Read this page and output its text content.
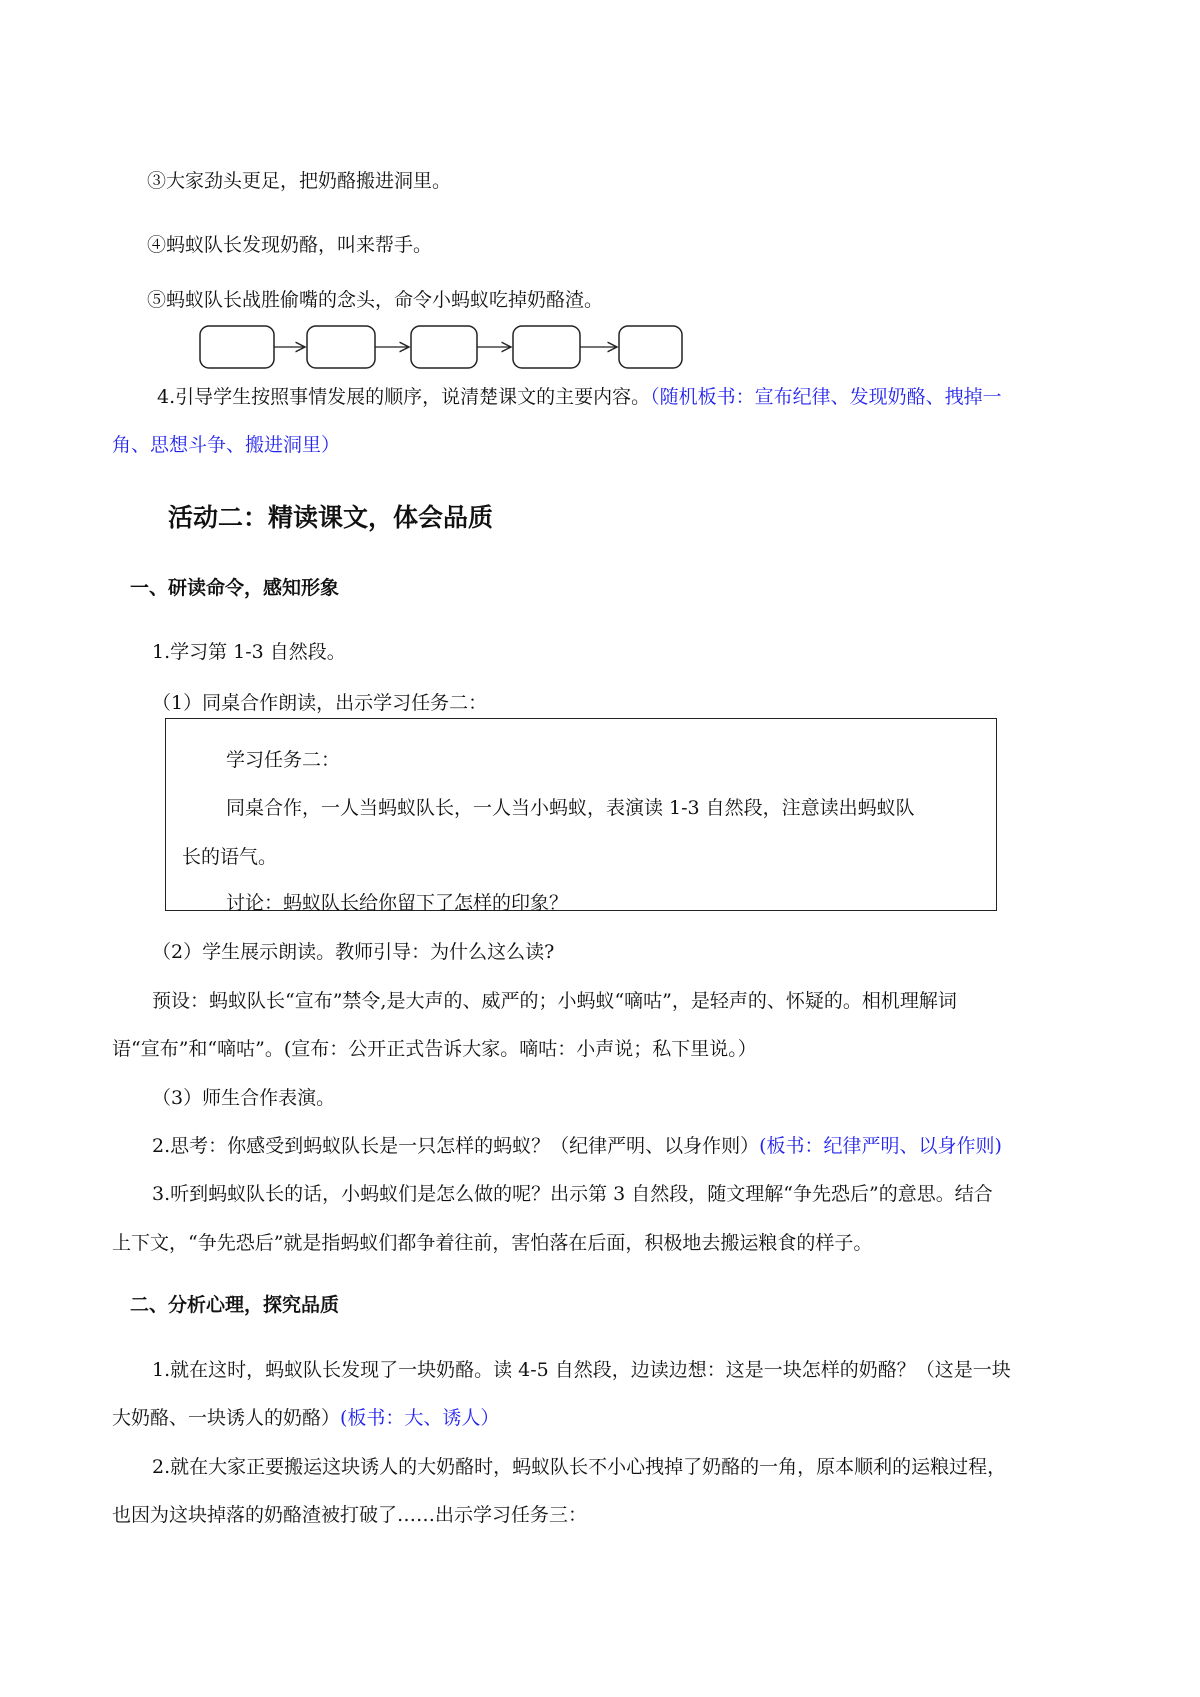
③大家劲头更足，把奶酪搬进洞里。
④蚂蚁队长发现奶酪，叫来帮手。
⑤蚂蚁队长战胜偷嘴的念头，命令小蚂蚁吃掉奶酪渣。
4.引导学生按照事情发展的顺序，说清楚课文的主要内容。（随机板书：宣布纪律、发现奶酪、拽掉一
角、思想斗争、搬进洞里）
活动二：精读课文，体会品质
一、研读命令，感知形象
1.学习第 1-3 自然段。
（1）同桌合作朗读，出示学习任务二：
学习任务二：
同桌合作，一人当蚂蚁队长，一人当小蚂蚁，表演读 1-3 自然段，注意读出蚂蚁队
长的语气。
讨论：蚂蚁队长给你留下了怎样的印象？
（2）学生展示朗读。教师引导：为什么这么读?
预设：蚂蚁队长“宣布”禁令,是大声的、威严的；小蚂蚁“嘀咕”，是轻声的、怀疑的。相机理解词
语“宣布”和“嘀咕”。(宣布：公开正式告诉大家。嘀咕：小声说；私下里说。）
（3）师生合作表演。
2.思考：你感受到蚂蚁队长是一只怎样的蚂蚁？（纪律严明、以身作则）(板书：纪律严明、以身作则)
3.听到蚂蚁队长的话，小蚂蚁们是怎么做的呢？出示第 3 自然段，随文理解“争先恐后”的意思。结合
上下文，“争先恐后”就是指蚂蚁们都争着往前，害怕落在后面，积极地去搬运粮食的样子。
二、分析心理，探究品质
1.就在这时，蚂蚁队长发现了一块奶酪。读 4-5 自然段，边读边想：这是一块怎样的奶酪？（这是一块
大奶酪、一块诱人的奶酪）(板书：大、诱人）
2.就在大家正要搬运这块诱人的大奶酪时，蚂蚁队长不小心拽掉了奶酪的一角，原本顺利的运粮过程，
也因为这块掉落的奶酪渣被打破了……出示学习任务三：
